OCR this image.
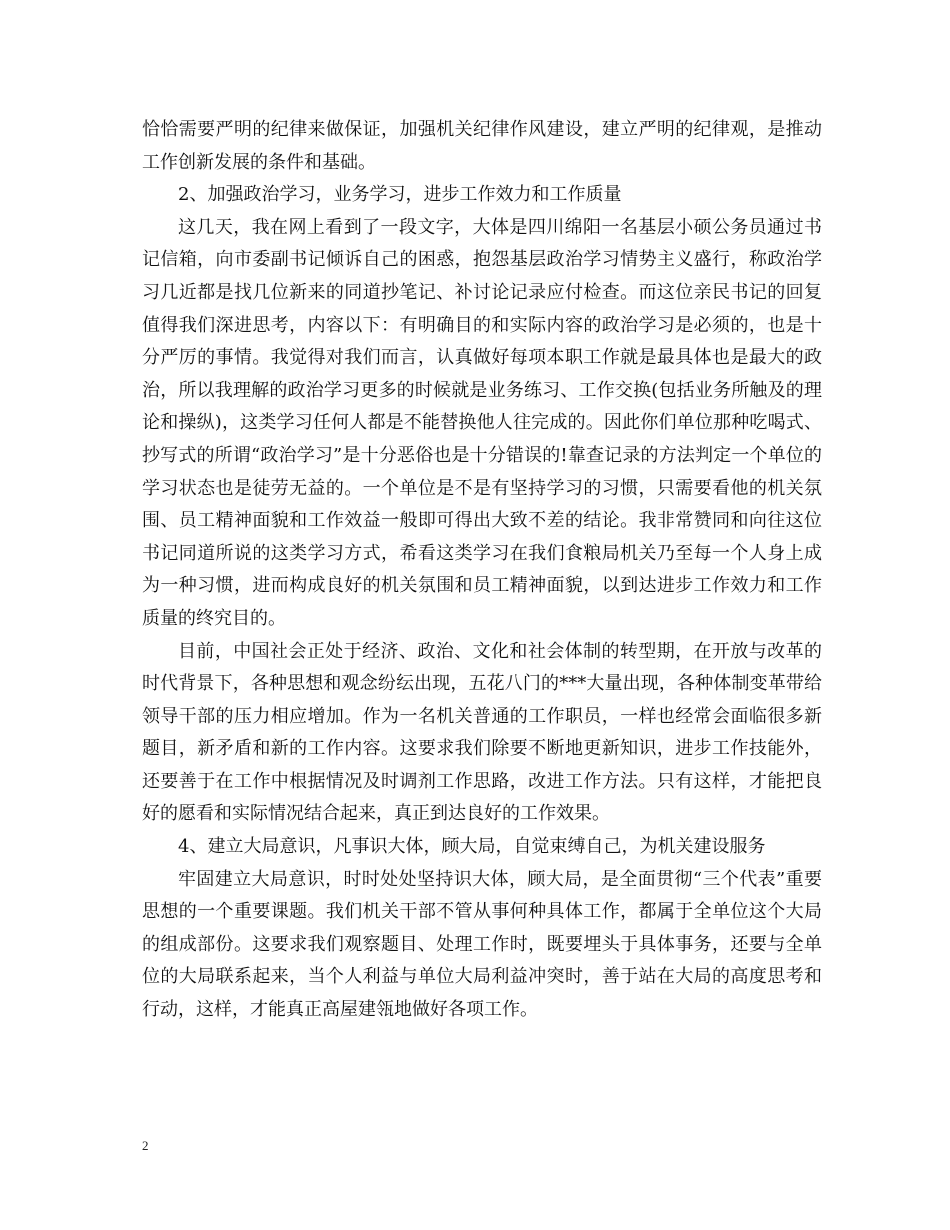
恰恰需要严明的纪律来做保证，加强机关纪律作风建设，建立严明的纪律观，是推动工作创新发展的条件和基础。

2、加强政治学习，业务学习，进步工作效力和工作质量

这几天，我在网上看到了一段文字，大体是四川绵阳一名基层小硕公务员通过书记信箱，向市委副书记倾诉自己的困惑，抱怨基层政治学习情势主义盛行，称政治学习几近都是找几位新来的同道抄笔记、补讨论记录应付检查。而这位亲民书记的回复值得我们深进思考，内容以下：有明确目的和实际内容的政治学习是必须的，也是十分严厉的事情。我觉得对我们而言，认真做好每项本职工作就是最具体也是最大的政治，所以我理解的政治学习更多的时候就是业务练习、工作交换(包括业务所触及的理论和操纵)，这类学习任何人都是不能替换他人往完成的。因此你们单位那种吃喝式、抄写式的所谓“政治学习”是十分恶俗也是十分错误的!靠查记录的方法判定一个单位的学习状态也是徒劳无益的。一个单位是不是有坚持学习的习惯，只需要看他的机关氛围、员工精神面貌和工作效益一般即可得出大致不差的结论。我非常赞同和向往这位书记同道所说的这类学习方式，希看这类学习在我们食粮局机关乃至每一个人身上成为一种习惯，进而构成良好的机关氛围和员工精神面貌，以到达进步工作效力和工作质量的终究目的。

目前，中国社会正处于经济、政治、文化和社会体制的转型期，在开放与改革的时代背景下，各种思想和观念纷纭出现，五花八门的***大量出现，各种体制变革带给领导干部的压力相应增加。作为一名机关普通的工作职员，一样也经常会面临很多新题目，新矛盾和新的工作内容。这要求我们除要不断地更新知识，进步工作技能外，还要善于在工作中根据情况及时调剂工作思路，改进工作方法。只有这样，才能把良好的愿看和实际情况结合起来，真正到达良好的工作效果。

4、建立大局意识，凡事识大体，顾大局，自觉束缚自己，为机关建设服务

牢固建立大局意识，时时处处坚持识大体，顾大局，是全面贯彻“三个代表”重要思想的一个重要课题。我们机关干部不管从事何种具体工作，都属于全单位这个大局的组成部份。这要求我们观察题目、处理工作时，既要埋头于具体事务，还要与全单位的大局联系起来，当个人利益与单位大局利益冲突时，善于站在大局的高度思考和行动，这样，才能真正高屋建瓴地做好各项工作。

2
